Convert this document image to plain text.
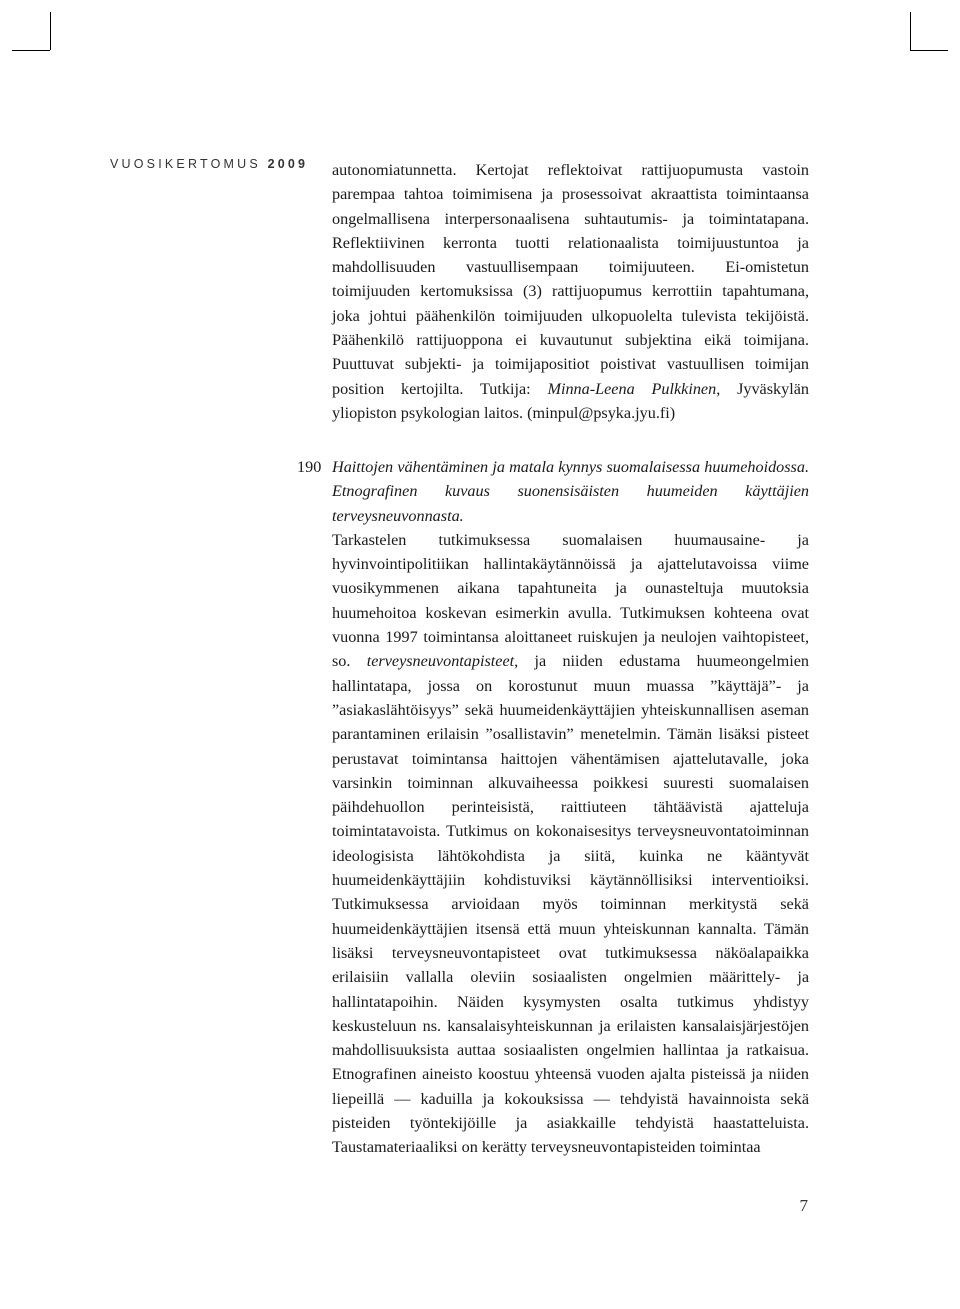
VUOSIKERTOMUS 2009 autonomiatunnetta. Kertojat reflektoivat rattijuopumusta vastoin parempaa tahtoa toimimisena ja prosessoivat akraattista toimintaansa ongelmallisena interpersonaalisena suhtautumis- ja toimintatapana. Reflektiivinen kerronta tuotti relationaalista toimijuustuntoa ja mahdollisuuden vastuullisempaan toimijuuteen. Ei-omistetun toimijuuden kertomuksissa (3) rattijuopumus kerrottiin tapahtumana, joka johtui päähenkilön toimijuuden ulkopuolelta tulevista tekijöistä. Päähenkilö rattijuoppona ei kuvautunut subjektina eikä toimijana. Puuttuvat subjekti- ja toimijapositiot poistivat vastuullisen toimijan position kertojilta. Tutkija: Minna-Leena Pulkkinen, Jyväskylän yliopiston psykologian laitos. (minpul@psyka.jyu.fi)

190 Haittojen vähentäminen ja matala kynnys suomalaisessa huumehoidossa. Etnografinen kuvaus suonensisäisten huumeiden käyttäjien terveysneuvonnasta.

Tarkastelen tutkimuksessa suomalaisen huumausaine- ja hyvinvointipolitiikan hallintakäytännöissä ja ajattelutavoissa viime vuosikymmenen aikana tapahtuneita ja ounasteltuja muutoksia huumehoitoa koskevan esimerkin avulla. Tutkimuksen kohteena ovat vuonna 1997 toimintansa aloittaneet ruiskujen ja neulojen vaihtopisteet, so. terveysneuvontapisteet, ja niiden edustama huumeongelmien hallintatapa, jossa on korostunut muun muassa ”käyttäjä”- ja ”asiakaslähtöisyys” sekä huumeidenkäyttäjien yhteiskunnallisen aseman parantaminen erilaisin ”osallistavin” menetelmin. Tämän lisäksi pisteet perustavat toimintansa haittojen vähentämisen ajattelutavalle, joka varsinkin toiminnan alkuvaiheessa poikkesi suuresti suomalaisen päihdehuollon perinteisistä, raittiuteen tähtäävistä ajatteluja toimintatavoista. Tutkimus on kokonaisesitys terveysneuvontatoiminnan ideologisista lähtökohdista ja siitä, kuinka ne kääntyvät huumeidenkäyttäjiin kohdistuviksi käytännöllisiksi interventioiksi. Tutkimuksessa arvioidaan myös toiminnan merkitystä sekä huumeidenkäyttäjien itsensä että muun yhteiskunnan kannalta. Tämän lisäksi terveysneuvontapisteet ovat tutkimuksessa näköalapaikka erilaisiin vallalla oleviin sosiaalisten ongelmien määrittely- ja hallintatapoihin. Näiden kysymysten osalta tutkimus yhdistyy keskusteluun ns. kansalaisyhteiskunnan ja erilaisten kansalaisjärjestöjen mahdollisuuksista auttaa sosiaalisten ongelmien hallintaa ja ratkaisua. Etnografinen aineisto koostuu yhteensä vuoden ajalta pisteissä ja niiden liepeillä — kaduilla ja kokouksissa — tehdyistä havainnoista sekä pisteiden työntekijöille ja asiakkaille tehdyistä haastatteluista. Taustamateriaaliksi on kerätty terveysneuvontapisteiden toimintaa

7
